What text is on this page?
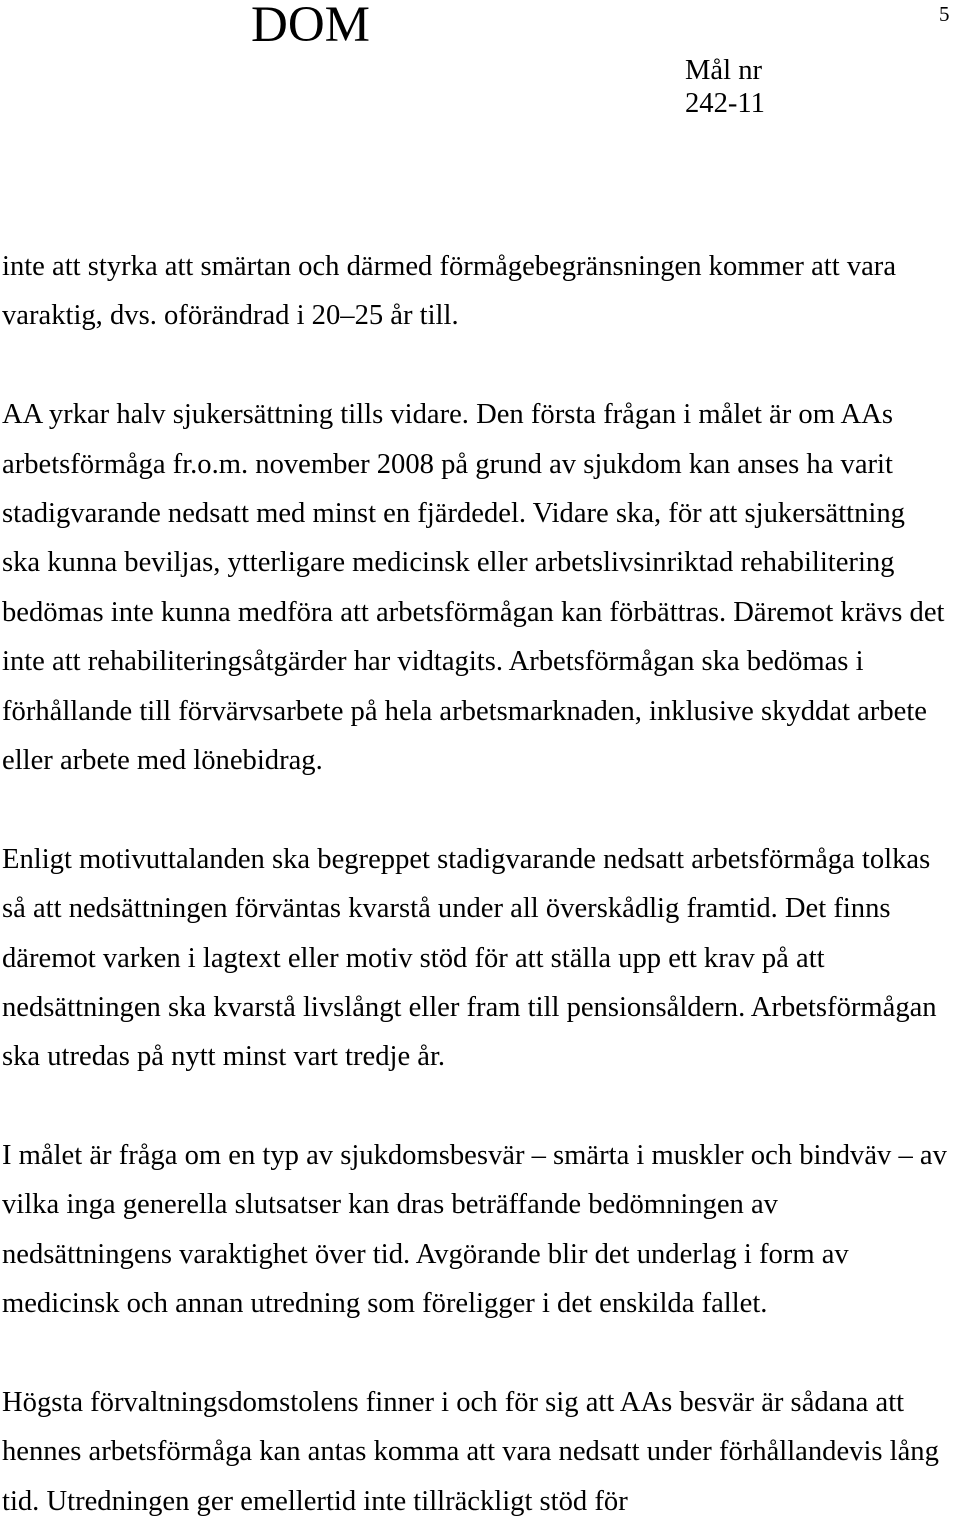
DOM	5
Mål nr
242-11
inte att styrka att smärtan och därmed förmågebegränsningen kommer att vara
varaktig, dvs. oförändrad i 20–25 år till.
AA yrkar halv sjukersättning tills vidare. Den första frågan i målet är om AAs
arbetsförmåga fr.o.m. november 2008 på grund av sjukdom kan anses ha varit
stadigvarande nedsatt med minst en fjärdedel. Vidare ska, för att sjukersättning
ska kunna beviljas, ytterligare medicinsk eller arbetslivsinriktad rehabilitering
bedömas inte kunna medföra att arbetsförmågan kan förbättras. Däremot krävs det
inte att rehabiliteringsåtgärder har vidtagits. Arbetsförmågan ska bedömas i
förhållande till förvärvsarbete på hela arbetsmarknaden, inklusive skyddat arbete
eller arbete med lönebidrag.
Enligt motivuttalanden ska begreppet stadigvarande nedsatt arbetsförmåga tolkas
så att nedsättningen förväntas kvarstå under all överskådlig framtid. Det finns
däremot varken i lagtext eller motiv stöd för att ställa upp ett krav på att
nedsättningen ska kvarstå livslångt eller fram till pensionsåldern. Arbetsförmågan
ska utredas på nytt minst vart tredje år.
I målet är fråga om en typ av sjukdomsbesvär – smärta i muskler och bindväv – av
vilka inga generella slutsatser kan dras beträffande bedömningen av
nedsättningens varaktighet över tid. Avgörande blir det underlag i form av
medicinsk och annan utredning som föreligger i det enskilda fallet.
Högsta förvaltningsdomstolens finner i och för sig att AAs besvär är sådana att
hennes arbetsförmåga kan antas komma att vara nedsatt under förhållandevis lång
tid. Utredningen ger emellertid inte tillräckligt stöd för
